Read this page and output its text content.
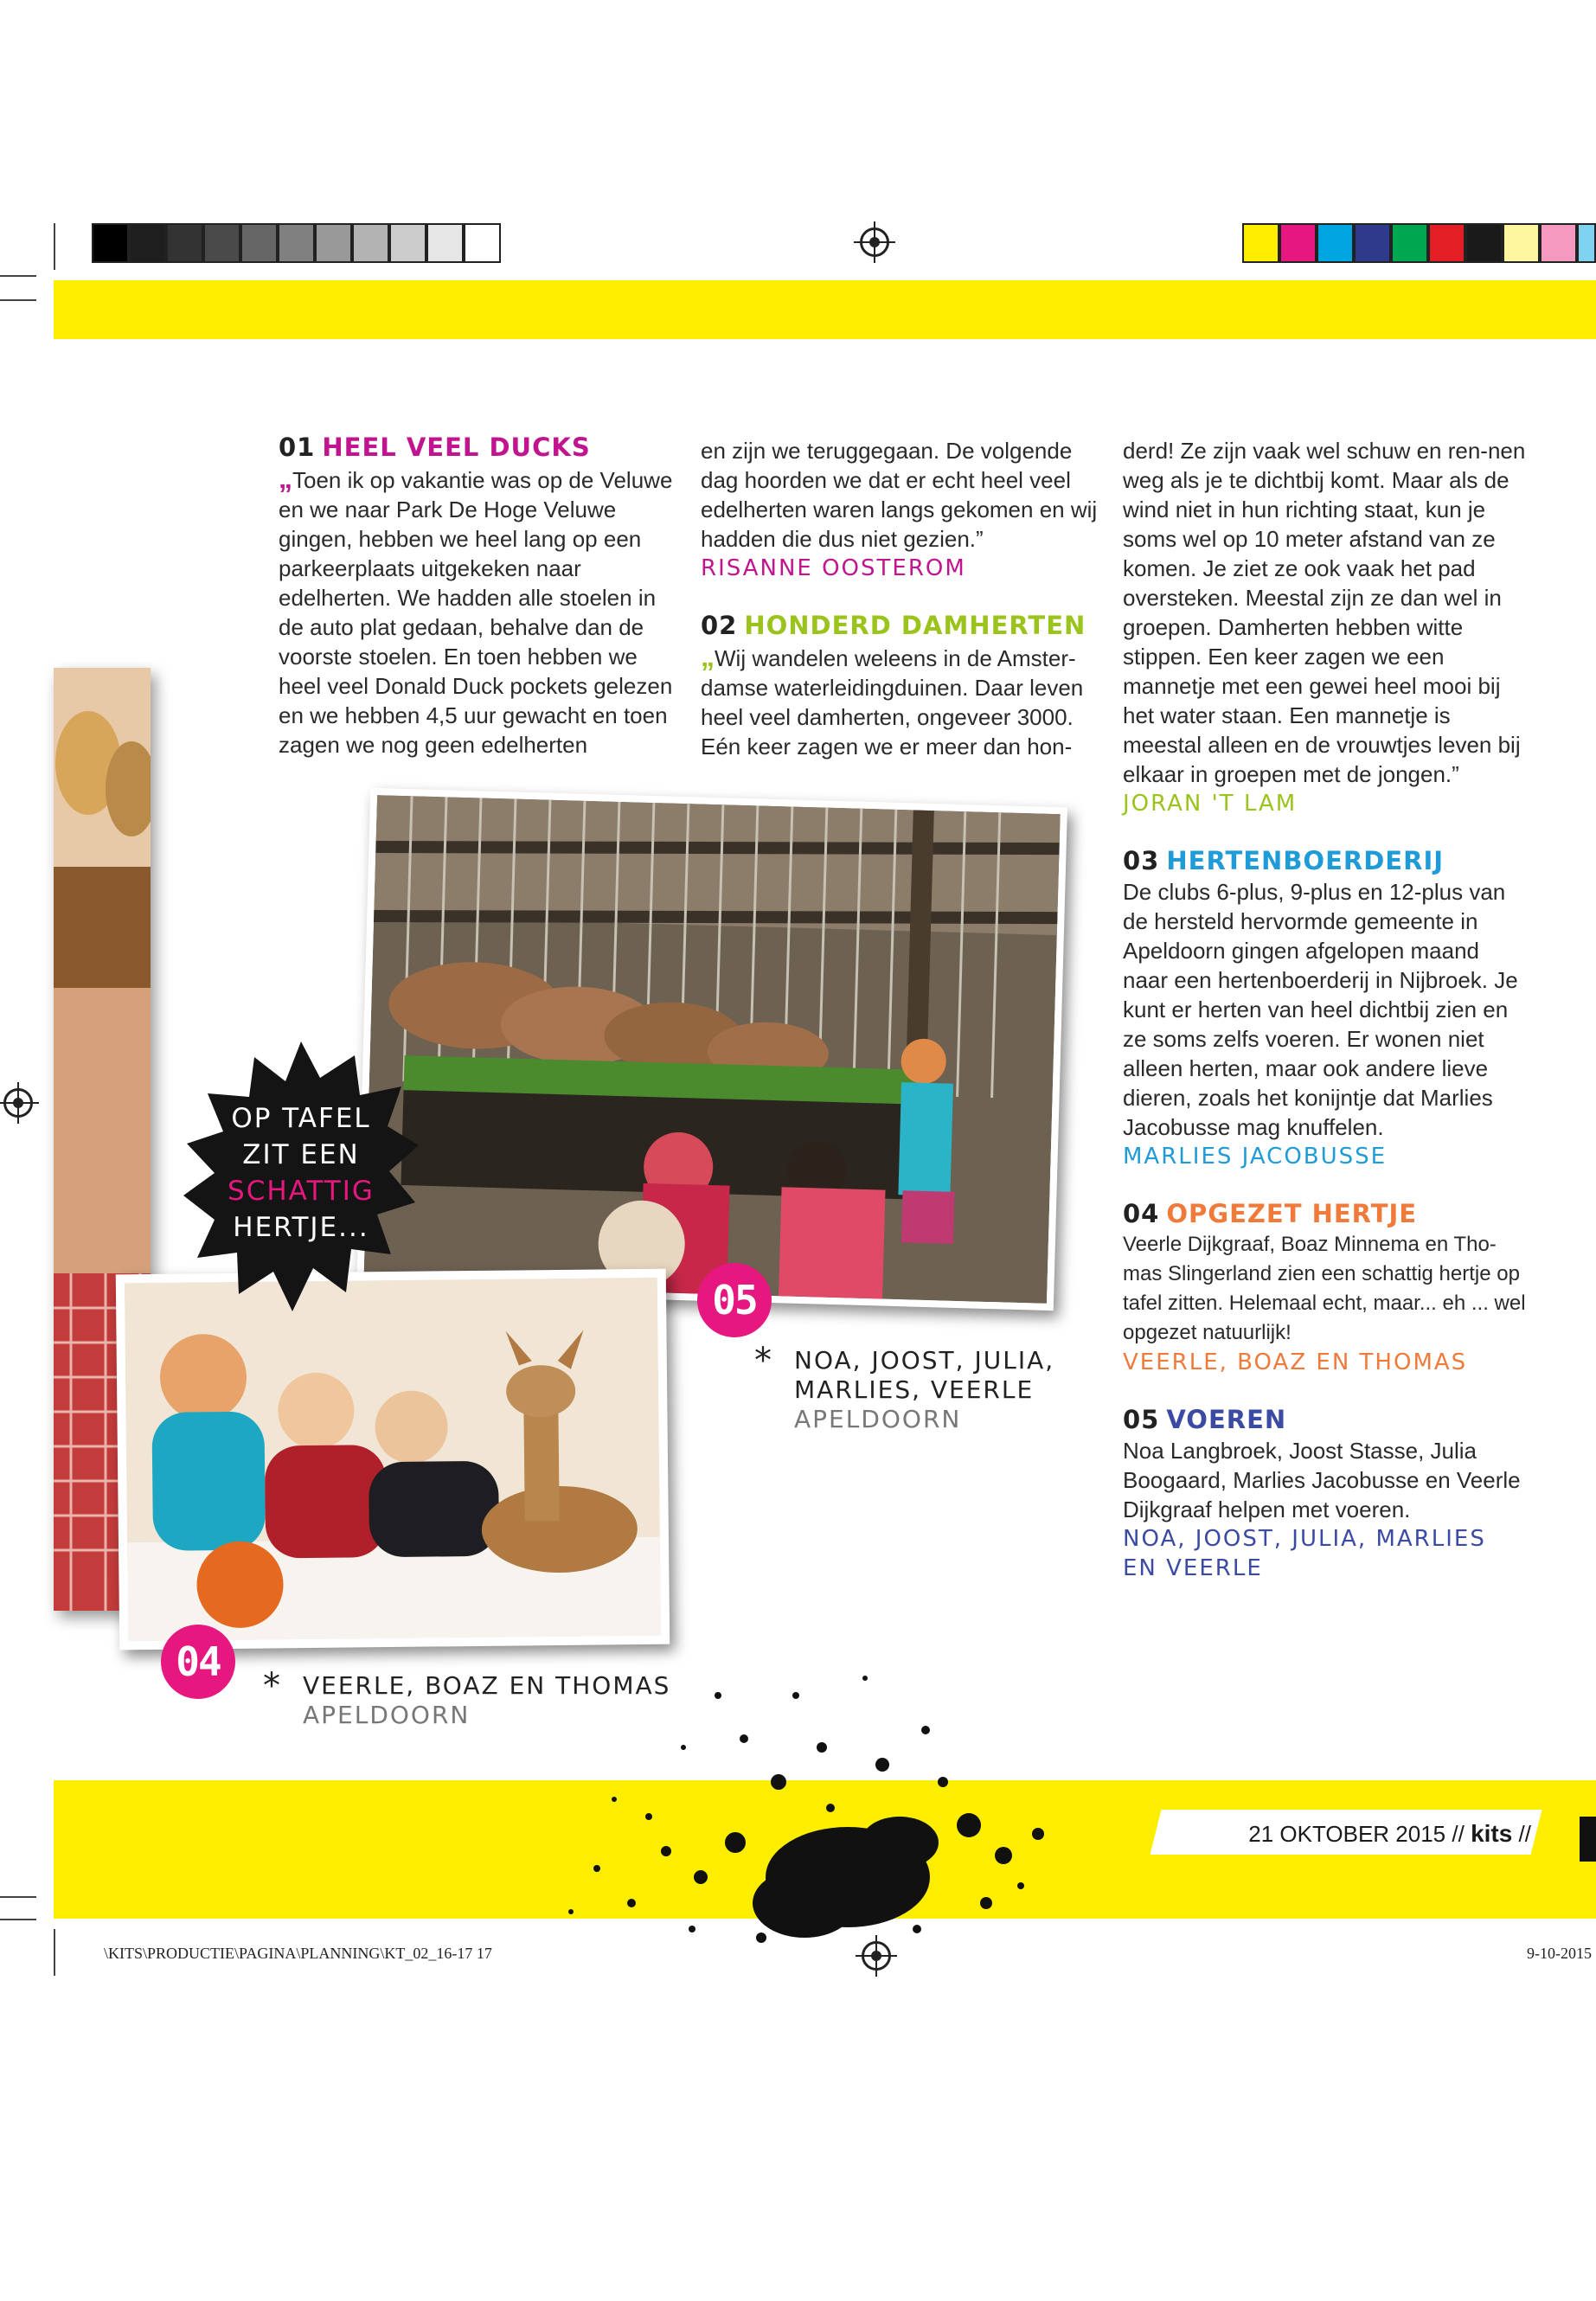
01 HEEL VEEL DUCKS

„Toen ik op vakantie was op de Veluwe en we naar Park De Hoge Veluwe gingen, hebben we heel lang op een parkeerplaats uitgekeken naar edelherten. We hadden alle stoelen in de auto plat gedaan, behalve dan de voorste stoelen. En toen hebben we heel veel Donald Duck pockets gelezen en we hebben 4,5 uur gewacht en toen zagen we nog geen edelherten

en zijn we teruggegaan. De volgende dag hoorden we dat er echt heel veel edelherten waren langs gekomen en wij hadden die dus niet gezien.”

RISANNE OOSTEROM
02 HONDERD DAMHERTEN

„Wij wandelen weleens in de Amster-damse waterleidingduinen. Daar leven heel veel damherten, ongeveer 3000. Eén keer zagen we er meer dan hon-

derd! Ze zijn vaak wel schuw en ren-nen weg als je te dichtbij komt. Maar als de wind niet in hun richting staat, kun je soms wel op 10 meter afstand van ze komen. Je ziet ze ook vaak het pad oversteken. Meestal zijn ze dan wel in groepen. Damherten hebben witte stippen. Een keer zagen we een mannetje met een gewei heel mooi bij het water staan. Een mannetje is meestal alleen en de vrouwtjes leven bij elkaar in groepen met de jongen.”

JORAN 'T LAM
03 HERTENBOERDERIJ

De clubs 6-plus, 9-plus en 12-plus van de hersteld hervormde gemeente in Apeldoorn gingen afgelopen maand naar een hertenboerderij in Nijbroek. Je kunt er herten van heel dichtbij zien en ze soms zelfs voeren. Er wonen niet alleen herten, maar ook andere lieve dieren, zoals het konijntje dat Marlies Jacobusse mag knuffelen.

MARLIES JACOBUSSE
04 OPGEZET HERTJE

Veerle Dijkgraaf, Boaz Minnema en Tho-mas Slingerland zien een schattig hertje op tafel zitten. Helemaal echt, maar... eh ... wel opgezet natuurlijk!

VEERLE, BOAZ EN THOMAS
05 VOEREN

Noa Langbroek, Joost Stasse, Julia Boogaard, Marlies Jacobusse en Veerle Dijkgraaf helpen met voeren.

NOA, JOOST, JULIA, MARLIES
EN VEERLE
05
* NOA, JOOST, JULIA,
MARLIES, VEERLE
APELDOORN
04
* VEERLE, BOAZ EN THOMAS
APELDOORN
OP TAFEL
ZIT EEN
SCHATTIG
HERTJE...
21 OKTOBER 2015 // kits //
\KITS\PRODUCTIE\PAGINA\PLANNING\KT_02_16-17 17	9-10-2015
